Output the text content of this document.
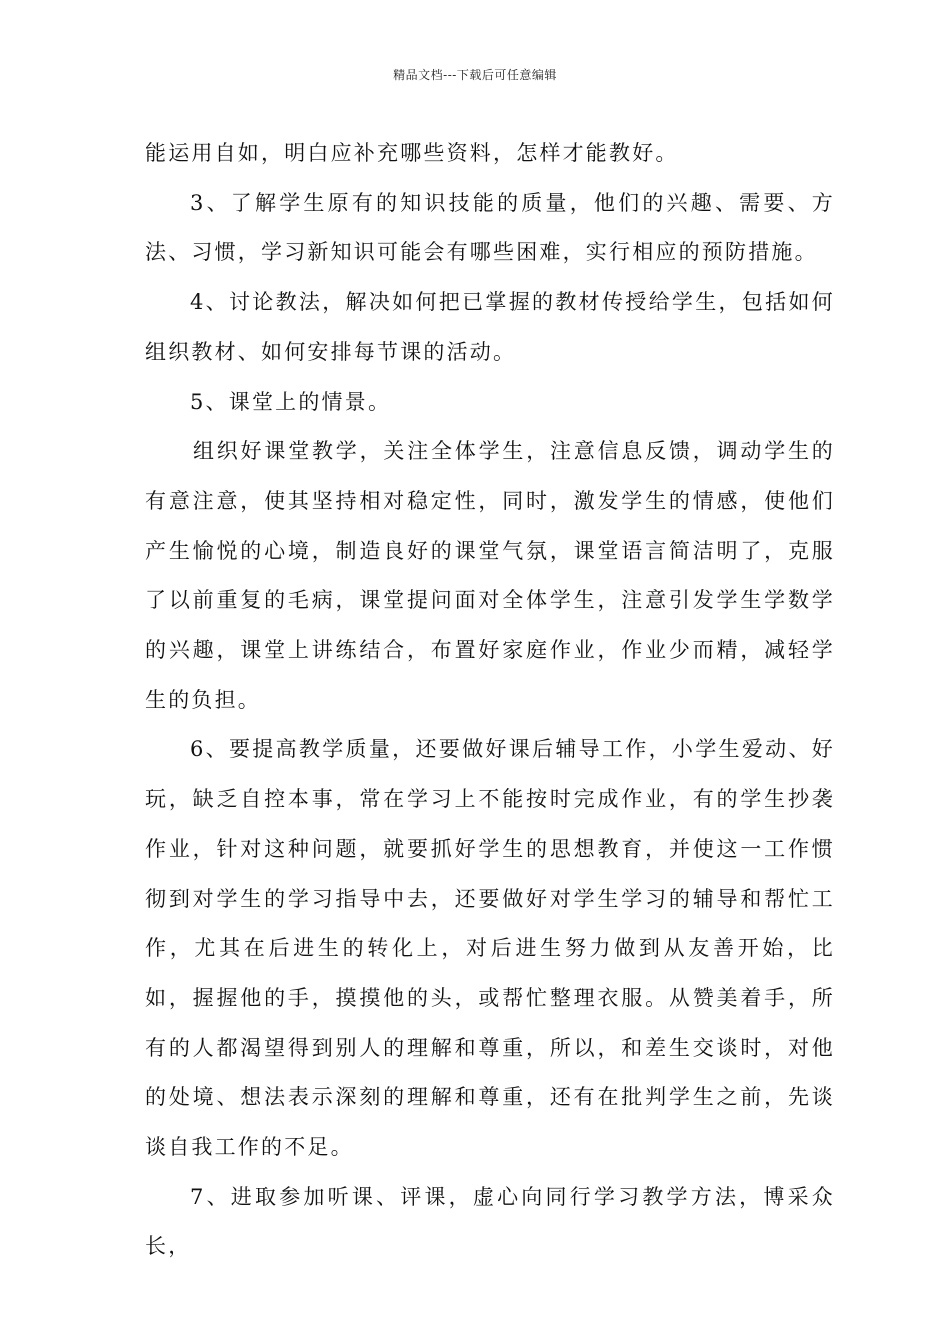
精品文档---下载后可任意编辑

能运用自如，明白应补充哪些资料，怎样才能教好。

3、了解学生原有的知识技能的质量，他们的兴趣、需要、方法、习惯，学习新知识可能会有哪些困难，实行相应的预防措施。

4、讨论教法，解决如何把已掌握的教材传授给学生，包括如何组织教材、如何安排每节课的活动。

5、课堂上的情景。

组织好课堂教学，关注全体学生，注意信息反馈，调动学生的有意注意，使其坚持相对稳定性，同时，激发学生的情感，使他们产生愉悦的心境，制造良好的课堂气氛，课堂语言简洁明了，克服了以前重复的毛病，课堂提问面对全体学生，注意引发学生学数学的兴趣，课堂上讲练结合，布置好家庭作业，作业少而精，减轻学生的负担。

6、要提高教学质量，还要做好课后辅导工作，小学生爱动、好玩，缺乏自控本事，常在学习上不能按时完成作业，有的学生抄袭作业，针对这种问题，就要抓好学生的思想教育，并使这一工作惯彻到对学生的学习指导中去，还要做好对学生学习的辅导和帮忙工作，尤其在后进生的转化上，对后进生努力做到从友善开始，比如，握握他的手，摸摸他的头，或帮忙整理衣服。从赞美着手，所有的人都渴望得到别人的理解和尊重，所以，和差生交谈时，对他的处境、想法表示深刻的理解和尊重，还有在批判学生之前，先谈谈自我工作的不足。

7、进取参加听课、评课，虚心向同行学习教学方法，博采众长，
